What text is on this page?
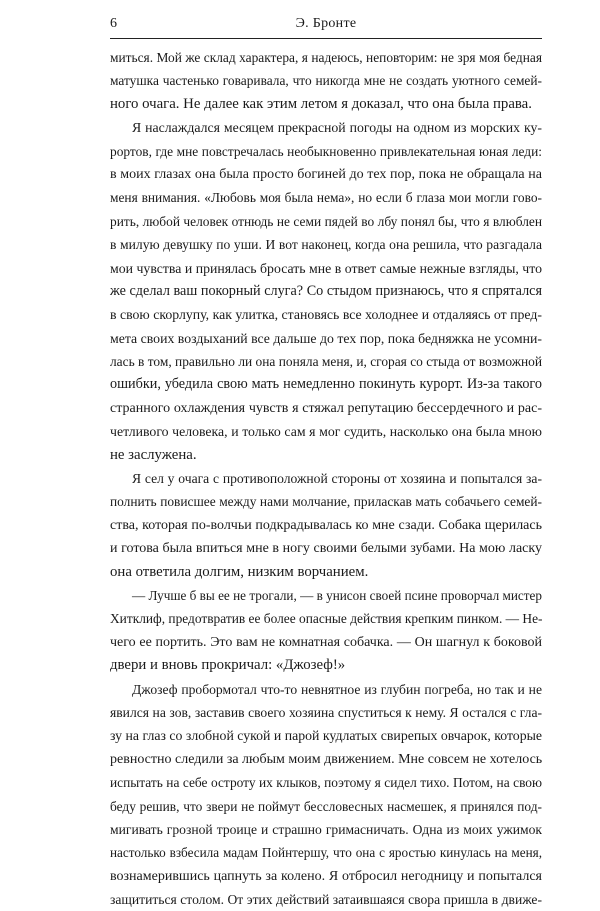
6	Э. Бронте
миться. Мой же склад характера, я надеюсь, неповторим: не зря моя бедная
матушка частенько говаривала, что никогда мне не создать уютного семей-
ного очага. Не далее как этим летом я доказал, что она была права.
Я наслаждался месяцем прекрасной погоды на одном из морских ку-
рортов, где мне повстречалась необыкновенно привлекательная юная леди:
в моих глазах она была просто богиней до тех пор, пока не обращала на
меня внимания. «Любовь моя была нема», но если б глаза мои могли гово-
рить, любой человек отнюдь не семи пядей во лбу понял бы, что я влюблен
в милую девушку по уши. И вот наконец, когда она решила, что разгадала
мои чувства и принялась бросать мне в ответ самые нежные взгляды, что
же сделал ваш покорный слуга? Со стыдом признаюсь, что я спрятался
в свою скорлупу, как улитка, становясь все холоднее и отдаляясь от пред-
мета своих воздыханий все дальше до тех пор, пока бедняжка не усомни-
лась в том, правильно ли она поняла меня, и, сгорая со стыда от возможной
ошибки, убедила свою мать немедленно покинуть курорт. Из-за такого
странного охлаждения чувств я стяжал репутацию бессердечного и рас-
четливого человека, и только сам я мог судить, насколько она была мною
не заслужена.
Я сел у очага с противоположной стороны от хозяина и попытался за-
полнить повисшее между нами молчание, приласкав мать собачьего семей-
ства, которая по-волчьи подкрадывалась ко мне сзади. Собака щерилась
и готова была впиться мне в ногу своими белыми зубами. На мою ласку
она ответила долгим, низким ворчанием.
— Лучше б вы ее не трогали, — в унисон своей псине проворчал мистер
Хитклиф, предотвратив ее более опасные действия крепким пинком. — Не-
чего ее портить. Это вам не комнатная собачка. — Он шагнул к боковой
двери и вновь прокричал: «Джозеф!»
Джозеф пробормотал что-то невнятное из глубин погреба, но так и не
явился на зов, заставив своего хозяина спуститься к нему. Я остался с гла-
зу на глаз со злобной сукой и парой кудлатых свирепых овчарок, которые
ревностно следили за любым моим движением. Мне совсем не хотелось
испытать на себе остроту их клыков, поэтому я сидел тихо. Потом, на свою
беду решив, что звери не поймут бессловесных насмешек, я принялся под-
мигивать грозной троице и страшно гримасничать. Одна из моих ужимок
настолько взбесила мадам Пойнтершу, что она с яростью кинулась на меня,
вознамерившись цапнуть за колено. Я отбросил негодницу и попытался
защититься столом. От этих действий затаившаяся свора пришла в движе-
